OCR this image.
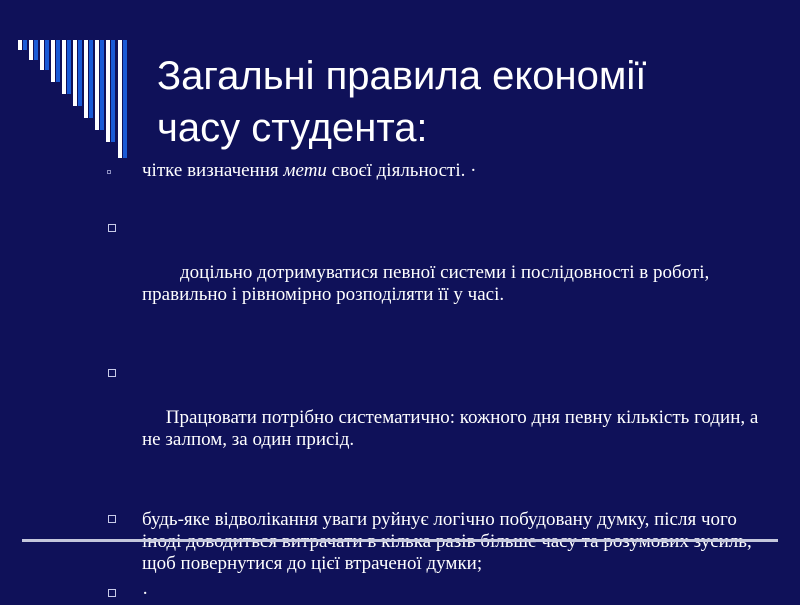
Загальні правила економії
часу студента:
чітке визначення мети своєї діяльності. ·

доцільно дотримуватися певної системи і послідовності в роботі, правильно і рівномірно розподіляти її у часі.

Працювати потрібно систематично: кожного дня певну кількість годин, а не залпом, за один присід.

будь-яке відволікання уваги руйнує логічно побудовану думку, після чого щоб повернутися до цієї втраченої думки;
·
